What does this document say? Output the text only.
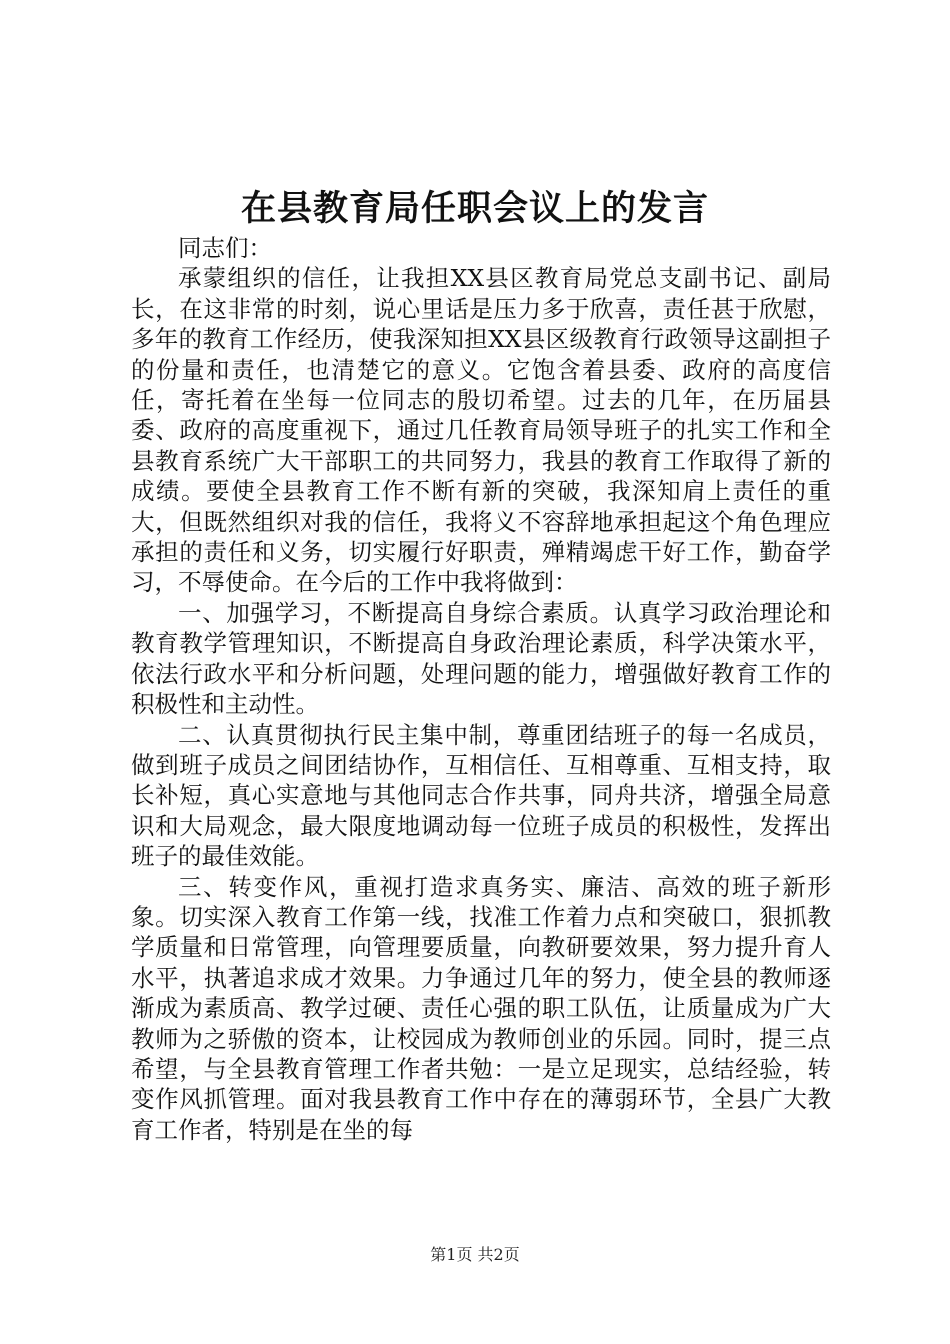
在县教育局任职会议上的发言

同志们：

承蒙组织的信任，让我担XX县区教育局党总支副书记、副局长，在这非常的时刻，说心里话是压力多于欣喜，责任甚于欣慰，多年的教育工作经历，使我深知担XX县区级教育行政领导这副担子的份量和责任，也清楚它的意义。它饱含着县委、政府的高度信任，寄托着在坐每一位同志的殷切希望。过去的几年，在历届县委、政府的高度重视下，通过几任教育局领导班子的扎实工作和全县教育系统广大干部职工的共同努力，我县的教育工作取得了新的成绩。要使全县教育工作不断有新的突破，我深知肩上责任的重大，但既然组织对我的信任，我将义不容辞地承担起这个角色理应承担的责任和义务，切实履行好职责，殚精竭虑干好工作，勤奋学习，不辱使命。在今后的工作中我将做到：

一、加强学习，不断提高自身综合素质。认真学习政治理论和教育教学管理知识，不断提高自身政治理论素质，科学决策水平，依法行政水平和分析问题，处理问题的能力，增强做好教育工作的积极性和主动性。

二、认真贯彻执行民主集中制，尊重团结班子的每一名成员，做到班子成员之间团结协作，互相信任、互相尊重、互相支持，取长补短，真心实意地与其他同志合作共事，同舟共济，增强全局意识和大局观念，最大限度地调动每一位班子成员的积极性，发挥出班子的最佳效能。

三、转变作风，重视打造求真务实、廉洁、高效的班子新形象。切实深入教育工作第一线，找准工作着力点和突破口，狠抓教学质量和日常管理，向管理要质量，向教研要效果，努力提升育人水平，执著追求成才效果。力争通过几年的努力，使全县的教师逐渐成为素质高、教学过硬、责任心强的职工队伍，让质量成为广大教师为之骄傲的资本，让校园成为教师创业的乐园。同时，提三点希望，与全县教育管理工作者共勉：一是立足现实，总结经验，转变作风抓管理。面对我县教育工作中存在的薄弱环节，全县广大教育工作者，特别是在坐的每

第1页 共2页
